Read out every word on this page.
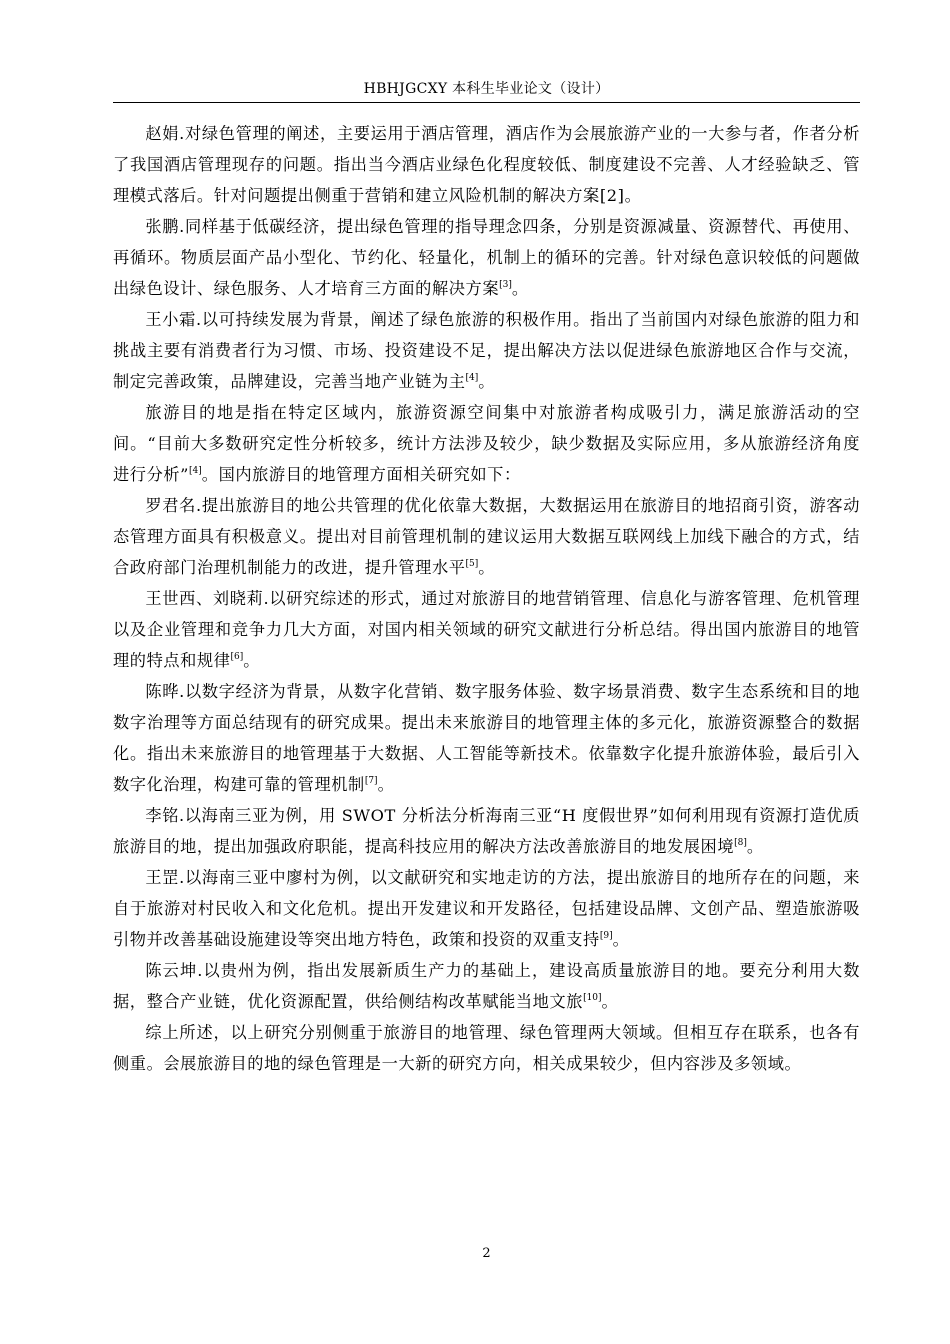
HBHJGCXY 本科生毕业论文（设计）

赵娟.对绿色管理的阐述，主要运用于酒店管理，酒店作为会展旅游产业的一大参与者，作者分析了我国酒店管理现存的问题。指出当今酒店业绿色化程度较低、制度建设不完善、人才经验缺乏、管理模式落后。针对问题提出侧重于营销和建立风险机制的解决方案[2]。

张鹏.同样基于低碳经济，提出绿色管理的指导理念四条，分别是资源减量、资源替代、再使用、再循环。物质层面产品小型化、节约化、轻量化，机制上的循环的完善。针对绿色意识较低的问题做出绿色设计、绿色服务、人才培育三方面的解决方案[3]。

王小霜.以可持续发展为背景，阐述了绿色旅游的积极作用。指出了当前国内对绿色旅游的阻力和挑战主要有消费者行为习惯、市场、投资建设不足，提出解决方法以促进绿色旅游地区合作与交流，制定完善政策，品牌建设，完善当地产业链为主[4]。

旅游目的地是指在特定区域内，旅游资源空间集中对旅游者构成吸引力，满足旅游活动的空间。“目前大多数研究定性分析较多，统计方法涉及较少，缺少数据及实际应用，多从旅游经济角度进行分析”[4]。国内旅游目的地管理方面相关研究如下：

罗君名.提出旅游目的地公共管理的优化依靠大数据，大数据运用在旅游目的地招商引资，游客动态管理方面具有积极意义。提出对目前管理机制的建议运用大数据互联网线上加线下融合的方式，结合政府部门治理机制能力的改进，提升管理水平[5]。

王世西、刘晓莉.以研究综述的形式，通过对旅游目的地营销管理、信息化与游客管理、危机管理以及企业管理和竞争力几大方面，对国内相关领域的研究文献进行分析总结。得出国内旅游目的地管理的特点和规律[6]。

陈晔.以数字经济为背景，从数字化营销、数字服务体验、数字场景消费、数字生态系统和目的地数字治理等方面总结现有的研究成果。提出未来旅游目的地管理主体的多元化，旅游资源整合的数据化。指出未来旅游目的地管理基于大数据、人工智能等新技术。依靠数字化提升旅游体验，最后引入数字化治理，构建可靠的管理机制[7]。

李铭.以海南三亚为例，用 SWOT 分析法分析海南三亚“H 度假世界”如何利用现有资源打造优质旅游目的地，提出加强政府职能，提高科技应用的解决方法改善旅游目的地发展困境[8]。

王罡.以海南三亚中廖村为例，以文献研究和实地走访的方法，提出旅游目的地所存在的问题，来自于旅游对村民收入和文化危机。提出开发建议和开发路径，包括建设品牌、文创产品、塑造旅游吸引物并改善基础设施建设等突出地方特色，政策和投资的双重支持[9]。

陈云坤.以贵州为例，指出发展新质生产力的基础上，建设高质量旅游目的地。要充分利用大数据，整合产业链，优化资源配置，供给侧结构改革赋能当地文旅[10]。

综上所述，以上研究分别侧重于旅游目的地管理、绿色管理两大领域。但相互存在联系，也各有侧重。会展旅游目的地的绿色管理是一大新的研究方向，相关成果较少，但内容涉及多领域。

2
